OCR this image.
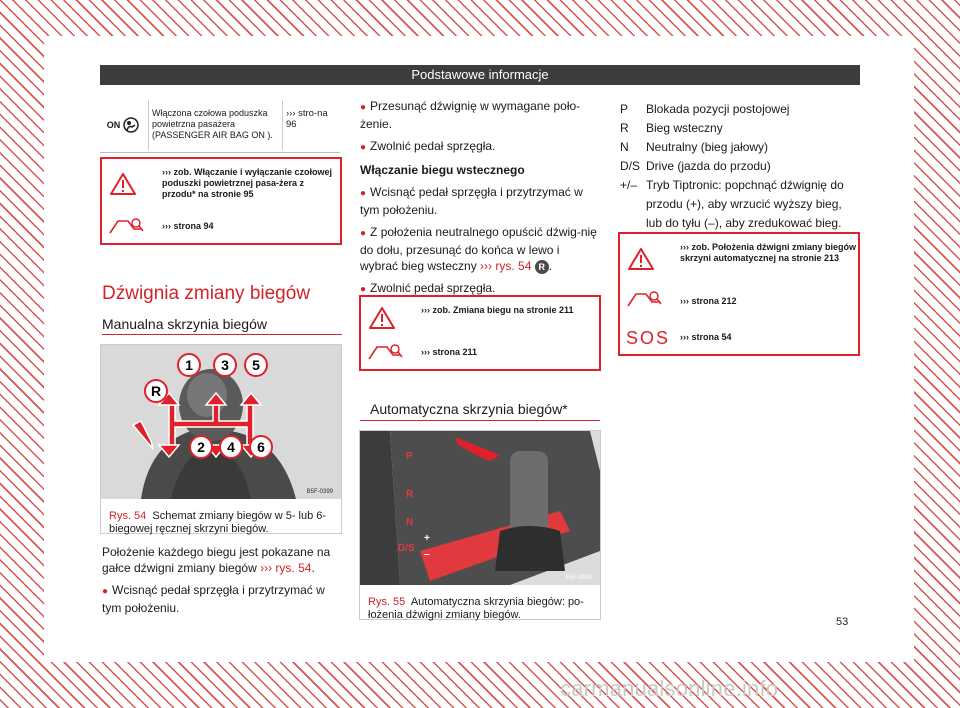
Podstawowe informacje
ON
Włączona czołowa poduszka powietrzna pasażera (PASSENGER AIR BAG ON ).
››› stro-na 96
››› zob. Włączanie i wyłączanie czołowej poduszki powietrznej pasa-żera z przodu* na stronie 95
››› strona 94
Dźwignia zmiany biegów
Manualna skrzynia biegów
1 3 5
R
2 4 6
B5F-0399
Rys. 54 Schemat zmiany biegów w 5- lub 6-biegowej ręcznej skrzyni biegów.

Położenie każdego biegu jest pokazane na gałce dźwigni zmiany biegów ››› rys. 54.

● Wcisnąć pedał sprzęgła i przytrzymać w tym położeniu.

● Przesunąć dźwignię w wymagane poło-żenie.

● Zwolnić pedał sprzęgła.

Włączanie biegu wstecznego

● Wcisnąć pedał sprzęgła i przytrzymać w tym położeniu.

● Z położenia neutralnego opuścić dźwig-nię do dołu, przesunąć do końca w lewo i wybrać bieg wsteczny ››› rys. 54 R .

● Zwolnić pedał sprzęgła.

››› zob. Zmiana biegu na stronie 211
››› strona 211
Automatyczna skrzynia biegów*
P
R
N
D/S
+
–
B5F-0050
Rys. 55 Automatyczna skrzynia biegów: po-łożenia dźwigni zmiany biegów.
P	Blokada pozycji postojowej
R	Bieg wsteczny
N	Neutralny (bieg jałowy)
D/S Drive (jazda do przodu)
+/– Tryb Tiptronic: popchnąć dźwignię do przodu (+), aby wrzucić wyższy bieg, lub do tyłu (–), aby zredukować bieg.
››› zob. Położenia dźwigni zmiany biegów skrzyni automatycznej na stronie 213
››› strona 212
SOS ››› strona 54
53
carmanualsonline.info
